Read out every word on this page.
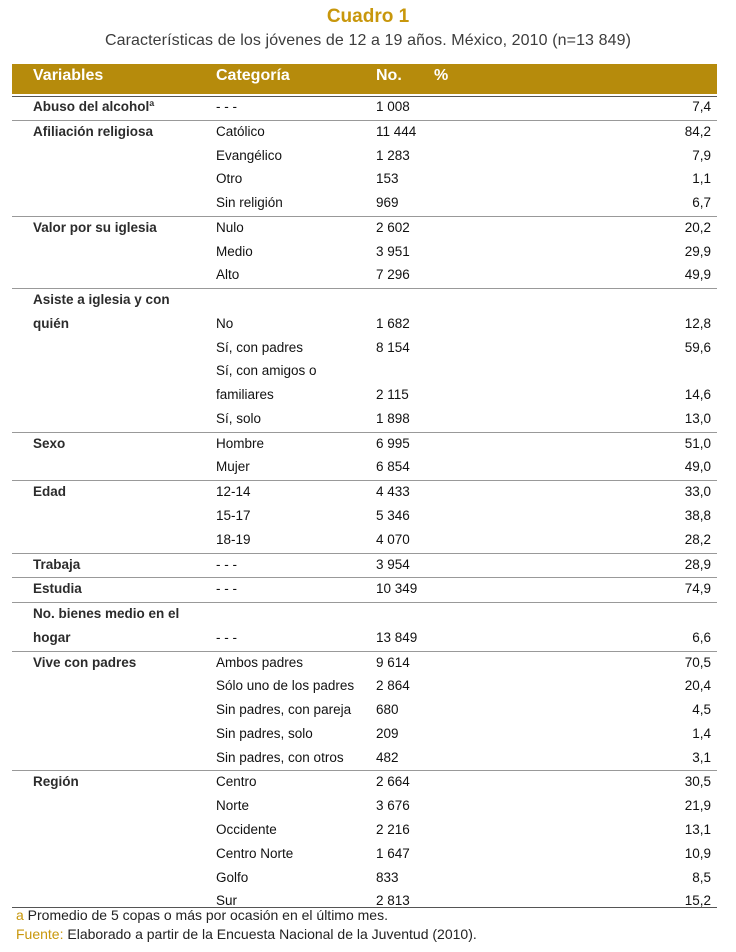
Cuadro 1
Características de los jóvenes de 12 a 19 años. México, 2010 (n=13 849)
Variables	Categoría	No. %
Abuso del alcoholª	- - -	1 008	7,4
Afiliación religiosa	Católico	11 444	84,2
Evangélico	1 283	7,9
Otro	153	1,1
Sin religión	969	6,7
Valor por su iglesia	Nulo	2 602	20,2
Medio	3 951	29,9
Alto	7 296	49,9
Asiste a iglesia y con
quién	No	1 682	12,8
Sí, con padres	8 154	59,6
Sí, con amigos o
familiares	2 115	14,6
Sí, solo	1 898	13,0
Sexo	Hombre	6 995	51,0
Mujer	6 854	49,0
Edad	12-14	4 433	33,0
15-17	5 346	38,8
18-19	4 070	28,2
Trabaja	- - -	3 954	28,9
Estudia	- - -	10 349	74,9
No. bienes medio en el
hogar	- - -	13 849	6,6
Vive con padres	Ambos padres	9 614	70,5
Sólo uno de los padres 2 864	20,4
Sin padres, con pareja 680	4,5
Sin padres, solo	209	1,4
Sin padres, con otros 482	3,1
Región	Centro	2 664	30,5
Norte	3 676	21,9
Occidente	2 216	13,1
Centro Norte	1 647	10,9
Golfo	833	8,5
Sur	2 813	15,2
a Promedio de 5 copas o más por ocasión en el último mes.
Fuente: Elaborado a partir de la Encuesta Nacional de la Juventud (2010).
